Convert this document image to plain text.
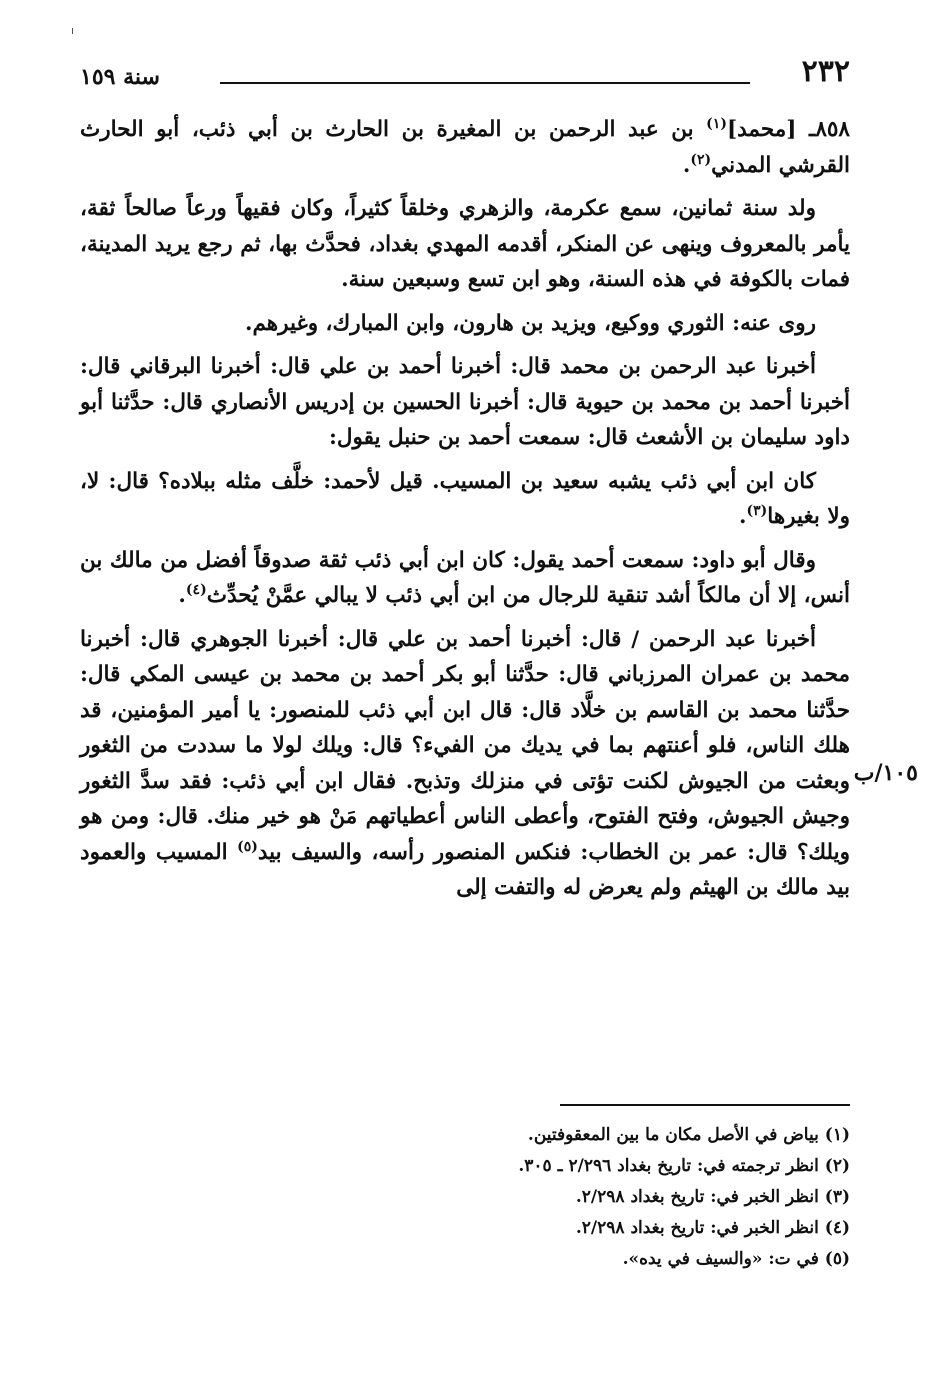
٢٣٢
سنة ١٥٩

٨٥٨ـ [محمد]$^{(١)}$ بن عبد الرحمن بن المغيرة بن الحارث بن أبي ذئب، أبو الحارث القرشي المدني$^{(٢)}$.

ولد سنة ثمانين، سمع عكرمة، والزهري وخلقاً كثيراً، وكان فقيهاً ورعاً صالحاً ثقة، يأمر بالمعروف وينهى عن المنكر، أقدمه المهدي بغداد، فحدَّث بها، ثم رجع يريد المدينة، فمات بالكوفة في هذه السنة، وهو ابن تسع وسبعين سنة.

روى عنه: الثوري ووكيع، ويزيد بن هارون، وابن المبارك، وغيرهم.

أخبرنا عبد الرحمن بن محمد قال: أخبرنا أحمد بن علي قال: أخبرنا البرقاني قال: أخبرنا أحمد بن محمد بن حيوية قال: أخبرنا الحسين بن إدريس الأنصاري قال: حدَّثنا أبو داود سليمان بن الأشعث قال: سمعت أحمد بن حنبل يقول:

كان ابن أبي ذئب يشبه سعيد بن المسيب. قيل لأحمد: خلَّف مثله ببلاده؟ قال: لا، ولا بغيرها$^{(٣)}$.

وقال أبو داود: سمعت أحمد يقول: كان ابن أبي ذئب ثقة صدوقاً أفضل من مالك بن أنس، إلا أن مالكاً أشد تنقية للرجال من ابن أبي ذئب لا يبالي عمَّنْ يُحدِّث$^{(٤)}$.

أخبرنا عبد الرحمن / قال: أخبرنا أحمد بن علي قال: أخبرنا الجوهري قال: أخبرنا محمد بن عمران المرزباني قال: حدَّثنا أبو بكر أحمد بن محمد بن عيسى المكي قال: حدَّثنا محمد بن القاسم بن خلَّاد قال: قال ابن أبي ذئب للمنصور: يا أمير المؤمنين، قد هلك الناس، فلو أعنتهم بما في يديك من الفيء؟ قال: ويلك لولا ما سددت من الثغور وبعثت من الجيوش لكنت تؤتى في منزلك وتذبح. فقال ابن أبي ذئب: فقد سدَّ الثغور وجيش الجيوش، وفتح الفتوح، وأعطى الناس أعطياتهم مَنْ هو خير منك. قال: ومن هو ويلك؟ قال: عمر بن الخطاب: فنكس المنصور رأسه، والسيف بيد$^{(٥)}$ المسيب والعمود بيد مالك بن الهيثم ولم يعرض له والتفت إلى

١٠٥/ب

(١) بياض في الأصل مكان ما بين المعقوفتين.

(٢) انظر ترجمته في: تاريخ بغداد ٢/٢٩٦ ـ ٣٠٥.

(٣) انظر الخبر في: تاريخ بغداد ٢/٢٩٨.

(٤) انظر الخبر في: تاريخ بغداد ٢/٢٩٨.

(٥) في ت: «والسيف في يده».
